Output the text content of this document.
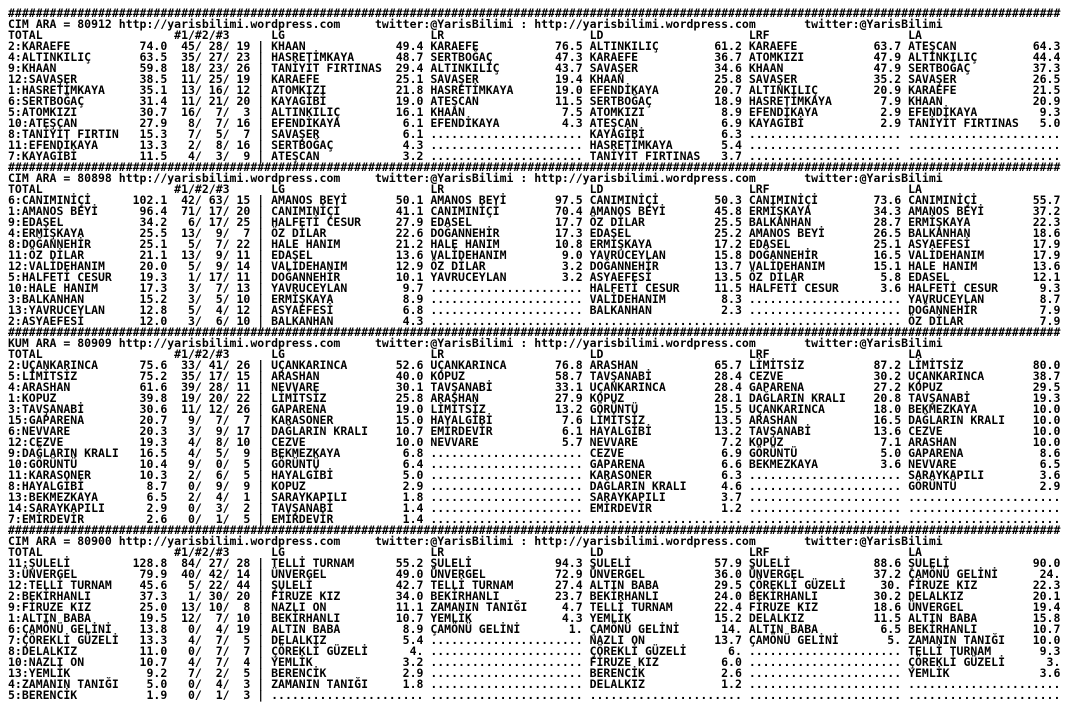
########################################################################################################################################################
CIM ARA = 80912 http://yarisbilimi.wordpress.com     twitter:@YarisBilimi : http://yarisbilimi.wordpress.com       twitter:@YarisBilimi
TOTAL                   #1/#2/#3      LG                     LR                     LD                     LRF                    LA
2:KARAEFE          74.0  45/ 28/ 19 | KHAAN             49.4 KARAEFE           76.5 ALTINKILIÇ        61.2 KARAEFE           63.7 ATEŞCAN           64.3
4:ALTINKILIÇ       63.5  35/ 27/ 23 | HASRETİMKAYA      48.7 SERTBOĞAÇ         47.3 KARAEFE           36.7 ATOMKIZI          47.9 ALTINKILIÇ        44.4
9:KHAAN            59.8  18/ 23/ 26 | TANİYİT FIRTINAS  29.4 ALTINKILIÇ        43.7 SAVAŞER           34.6 KHAAN             47.9 SERTBOĞAÇ         37.3
12:SAVAŞER         38.5  11/ 25/ 19 | KARAEFE           25.1 SAVAŞER           19.4 KHAAN             25.8 SAVAŞER           35.2 SAVAŞER           26.5
1:HASRETİMKAYA     35.1  13/ 16/ 12 | ATOMKIZI          21.8 HASRETİMKAYA      19.0 EFENDİKAYA        20.7 ALTINKILIÇ        20.9 KARAEFE           21.5
6:SERTBOĞAÇ        31.4  11/ 21/ 20 | KAYAGİBİ          19.0 ATEŞCAN           11.5 SERTBOĞAÇ         18.9 HASRETİMKAYA       7.9 KHAAN             20.9
5:ATOMKIZI         30.7  16/  7/  3 | ALTINKILIÇ        16.1 KHAAN              7.5 ATOMKIZI           8.9 EFENDİKAYA         2.9 EFENDİKAYA         9.3
10:ATEŞCAN         27.9   8/  7/ 16 | EFENDİKAYA         6.1 EFENDİKAYA         4.3 ATEŞCAN            6.9 KAYAGİBİ           2.9 TANİYİT FIRTINAS   5.0
8:TANİYİT FIRTIN   15.3   7/  5/  7 | SAVAŞER            6.1 ...................... KAYAGİBİ           6.3 ...................... ......................
11:EFENDİKAYA      13.3   2/  8/ 16 | SERTBOĞAÇ          4.3 ...................... HASRETİMKAYA       5.4 ...................... ......................
7:KAYAGİBİ         11.5   4/  3/  9 | ATEŞCAN            3.2 ...................... TANİYİT FIRTINAS   3.7 ...................... ......................
########################################################################################################################################################
CIM ARA = 80898 http://yarisbilimi.wordpress.com     twitter:@YarisBilimi : http://yarisbilimi.wordpress.com       twitter:@YarisBilimi
TOTAL                   #1/#2/#3      LG                     LR                     LD                     LRF                    LA
6:CANIMINİÇİ      102.1  42/ 63/ 15 | AMANOS BEYİ       50.1 AMANOS BEYİ       97.5 CANIMINİÇİ        50.3 CANIMINİÇİ        73.6 CANIMINİÇİ        55.7
1:AMANOS BEYİ      96.4  71/ 17/ 20 | CANIMINİÇİ        41.1 CANIMINİÇİ        70.4 AMANOS BEYİ       45.8 ERMİŞKAYA         34.3 AMANOS BEYİ       37.2
9:EDASEL           34.2   6/ 17/ 25 | HALFETİ CESUR     27.9 EDASEL            17.7 ÖZ DİLAR          25.5 BALKANHAN         28.7 ERMİŞKAYA         22.3
4:ERMİŞKAYA        25.5  13/  9/  7 | ÖZ DİLAR          22.6 DOĞANNEHİR        17.3 EDASEL            25.2 AMANOS BEYİ       26.5 BALKANHAN         18.6
8:DOĞANNEHİR       25.1   5/  7/ 22 | HALE HANIM        21.2 HALE HANIM        10.8 ERMİŞKAYA         17.2 EDASEL            25.1 ASYAEFESİ         17.9
11:ÖZ DİLAR        21.1  13/  9/ 11 | EDASEL            13.6 VALİDEHANIM        9.0 YAVRUCEYLAN       15.8 DOĞANNEHİR        16.5 VALİDEHANIM       17.9
12:VALİDEHANIM     20.0   5/  9/ 14 | VALİDEHANIM       12.9 ÖZ DİLAR           3.2 DOĞANNEHİR        13.7 VALİDEHANIM       15.1 HALE HANIM        13.6
5:HALFETİ CESUR    19.3   1/ 17/ 11 | DOĞANNEHİR        10.1 YAVRUCEYLAN        3.2 ASYAEFESİ         13.5 ÖZ DİLAR           5.8 EDASEL            12.1
10:HALE HANIM      17.3   3/  7/ 13 | YAVRUCEYLAN        9.7 ...................... HALFETİ CESUR     11.5 HALFETİ CESUR      3.6 HALFETİ CESUR      9.3
3:BALKANHAN        15.2   3/  5/ 10 | ERMİŞKAYA          8.9 ...................... VALİDEHANIM        8.3 ...................... YAVRUCEYLAN        8.7
13:YAVRUCEYLAN     12.8   5/  4/ 12 | ASYAEFESİ          6.8 ...................... BALKANHAN          2.3 ...................... DOĞANNEHİR         7.9
2:ASYAEFESİ        12.0   3/  6/ 10 | BALKANHAN          4.3 ...................... ...................... ...................... ÖZ DİLAR           7.9
########################################################################################################################################################
KUM ARA = 80909 http://yarisbilimi.wordpress.com     twitter:@YarisBilimi : http://yarisbilimi.wordpress.com       twitter:@YarisBilimi
TOTAL                   #1/#2/#3      LG                     LR                     LD                     LRF                    LA
2:UÇANKARINCA      75.6  33/ 41/ 26 | UÇANKARINCA       52.6 UÇANKARINCA       76.8 ARASHAN           65.7 LİMİTSİZ          87.2 LİMİTSİZ          80.0
5:LİMİTSİZ         75.2  35/ 17/ 15 | ARASHAN           40.0 KOPUZ             58.7 TAVŞANABİ         28.4 CEZVE             30.2 UÇANKARINCA       38.7
4:ARASHAN          61.6  39/ 28/ 11 | NEVVARE           30.1 TAVŞANABİ         33.1 UÇANKARINCA       28.4 GAPARENA          27.2 KOPUZ             29.5
1:KOPUZ            39.8  19/ 20/ 22 | LİMİTSİZ          25.8 ARASHAN           27.9 KOPUZ             28.1 DAĞLARIN KRALI    20.8 TAVŞANABİ         19.3
3:TAVŞANABİ        30.6  11/ 12/ 26 | GAPARENA          19.0 LİMİTSİZ          13.2 GÖRÜNTÜ           15.5 UÇANKARINCA       18.0 BEKMEZKAYA        10.0
15:GAPARENA        20.7   9/  7/  7 | KARASONER         15.0 HAYALGİBİ          7.6 LİMİTSİZ          13.5 ARASHAN           16.5 DAĞLARIN KRALI    10.0
6:NEVVARE          20.3   3/  9/ 17 | DAĞLARIN KRALI    10.7 EMİRDEVİR          6.1 HAYALGİBİ         13.2 TAVŞANABİ         13.6 CEZVE             10.0
12:CEZVE           19.3   4/  8/ 10 | CEZVE             10.0 NEVVARE            5.7 NEVVARE            7.2 KOPUZ              7.1 ARASHAN           10.0
9:DAĞLARIN KRALI   16.5   4/  5/  9 | BEKMEZKAYA         6.8 ...................... CEZVE              6.9 GÖRÜNTÜ            5.0 GAPARENA           8.6
10:GÖRÜNTÜ         10.4   9/  0/  5 | GÖRÜNTÜ            6.4 ...................... GAPARENA           6.6 BEKMEZKAYA         3.6 NEVVARE            6.5
11:KARASONER       10.3   2/  6/  5 | HAYALGİBİ          5.0 ...................... KARASONER          6.3 ...................... SARAYKAPILI        3.6
8:HAYALGİBİ         8.7   0/  9/  9 | KOPUZ              2.9 ...................... DAĞLARIN KRALI     4.6 ...................... GÖRÜNTÜ            2.9
13:BEKMEZKAYA       6.5   2/  4/  1 | SARAYKAPILI        1.8 ...................... SARAYKAPILI        3.7 ...................... ......................
14:SARAYKAPILI      2.9   0/  3/  2 | TAVŞANABİ          1.4 ...................... EMİRDEVİR          1.2 ...................... ......................
7:EMİRDEVİR         2.6   0/  1/  5 | EMİRDEVİR          1.4 ...................... ...................... ...................... ......................
########################################################################################################################################################
CIM ARA = 80900 http://yarisbilimi.wordpress.com     twitter:@YarisBilimi : http://yarisbilimi.wordpress.com       twitter:@YarisBilimi
TOTAL                   #1/#2/#3      LG                     LR                     LD                     LRF                    LA
11:ŞULELİ         128.8  84/ 27/ 28 | TELLİ TURNAM      55.2 ŞULELİ            94.3 ŞULELİ            57.9 ŞULELİ            88.6 ŞULELİ            90.0
3:ÜNVERGEL         79.9  40/ 42/ 14 | ÜNVERGEL          49.0 ÜNVERGEL          72.9 ÜNVERGEL          36.0 ÜNVERGEL          37.2 ÇAMÖNÜ GELİNİ      24.
12:TELLİ TURNAM    45.6   5/ 22/ 44 | ŞULELİ            42.7 TELLİ TURNAM      27.4 ALTIN BABA        29.5 ÇÖREKLİ GÜZELİ     30. FİRUZE KIZ        22.3
2:BEKİRHANLI       37.3   1/ 30/ 20 | FİRUZE KIZ        34.0 BEKİRHANLI        23.7 BEKİRHANLI        24.0 BEKİRHANLI        30.2 DELALKIZ          20.1
9:FİRUZE KIZ       25.0  13/ 10/  8 | NAZLI ON          11.1 ZAMANIN TANIĞI     4.7 TELLİ TURNAM      22.4 FİRUZE KIZ        18.6 ÜNVERGEL          19.4
1:ALTIN BABA       19.5  12/  7/ 10 | BEKİRHANLI        10.7 YEMLİK             4.3 YEMLİK            15.2 DELALKIZ          11.5 ALTIN BABA        15.8
6:ÇAMÖNÜ GELİNİ    13.8   0/  4/ 19 | ALTIN BABA         8.9 ÇAMÖNÜ GELİNİ       1. ÇAMÖNÜ GELİNİ      14. ALTIN BABA         6.5 BEKİRHANLI        10.7
7:ÇÖREKLİ GÜZELİ   13.3   4/  7/  5 | DELALKIZ           5.4 ...................... NAZLI ON          13.7 ÇAMÖNÜ GELİNİ       5. ZAMANIN TANIĞI    10.0
8:DELALKIZ         11.0   0/  7/  7 | ÇÖREKLİ GÜZELİ      4. ...................... ÇÖREKLİ GÜZELİ      6. ...................... TELLİ TURNAM       9.3
10:NAZLI ON        10.7   4/  7/  4 | YEMLİK             3.2 ...................... FİRUZE KIZ         6.0 ...................... ÇÖREKLİ GÜZELİ      3.
13:YEMLİK           9.2   7/  2/  5 | BERENCİK           2.9 ...................... BERENCİK           2.6 ...................... YEMLİK             3.6
4:ZAMANIN TANIĞI    5.0   0/  4/  3 | ZAMANIN TANIĞI     1.8 ...................... DELALKIZ           1.2 ...................... ......................
5:BERENCİK          1.9   0/  1/  3 | ...................... ...................... ...................... ...................... ......................
